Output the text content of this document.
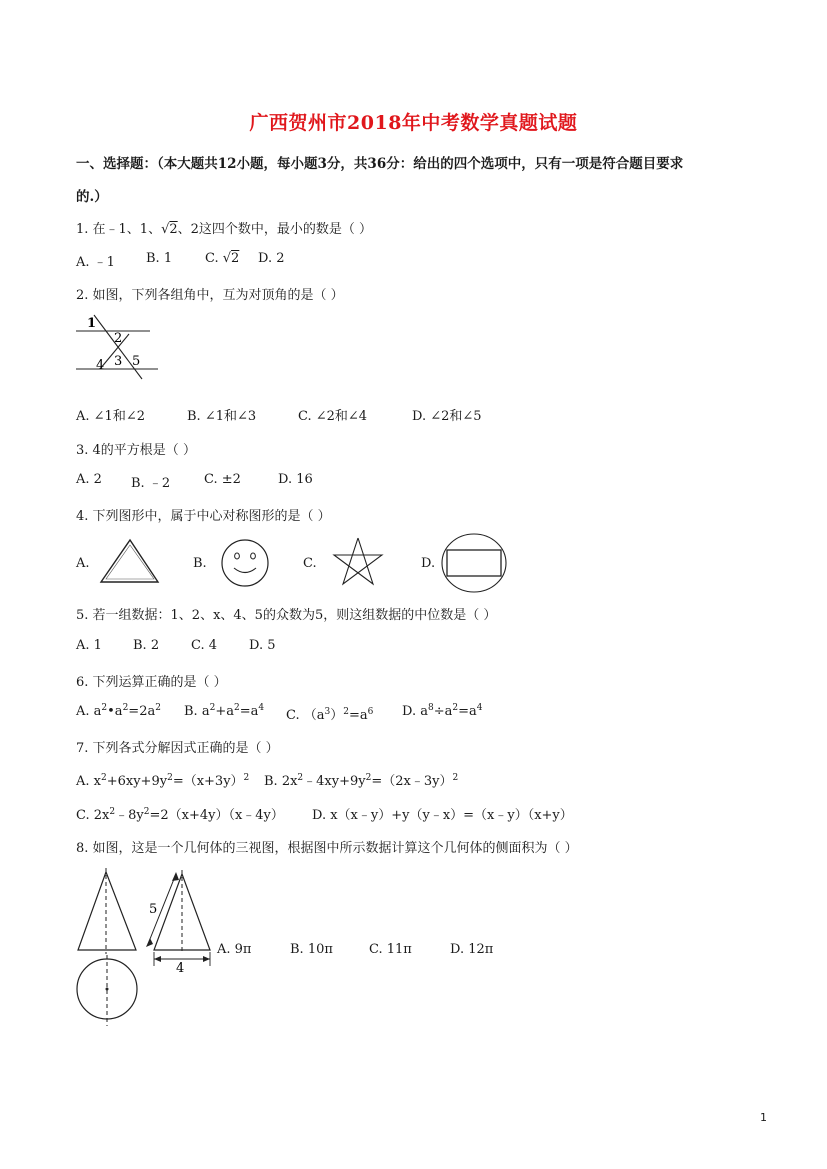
广西贺州市2018年中考数学真题试题
一、选择题：（本大题共12小题，每小题3分，共36分：给出的四个选项中，只有一项是符合题目要求
的.）
1. 在﹣1、1、√2、2这四个数中，最小的数是（ ）
A. ﹣1 B. 1	C. √2 D. 2
2. 如图，下列各组角中，互为对顶角的是（ ）
1
2
4 3 5
A. ∠1和∠2	B. ∠1和∠3	C. ∠2和∠4	D. ∠2和∠5
3. 4的平方根是（ ）
A. 2 B. ﹣2	C. ±2	D. 16
4. 下列图形中，属于中心对称图形的是（ ）
A.	B.	C.	D.
5. 若一组数据：1、2、x、4、5的众数为5，则这组数据的中位数是（ ）
A. 1 B. 2 C. 4 D. 5
6. 下列运算正确的是（ ）
A. $a^2•a^2=2a^2$ B. $a^2+a^2=a^4$ C. $(a^3)^2=a^6$ D. $a^8\div a^2=a^4$
7. 下列各式分解因式正确的是（ ）
A. $x^2+6xy+9y^2=(x+3y)^2$ B. $2x^2﹣4xy+9y^2=(2x﹣3y)^2$
C. $2x^2﹣8y^2=2(x+4y)(x﹣4y)$ D. x（x﹣y）+y（y﹣x）=（x﹣y）（x+y）
8. 如图，这是一个几何体的三视图，根据图中所示数据计算这个几何体的侧面积为（ ）
5
4
A. 9π	B. 10π	C. 11π	D. 12π
1
